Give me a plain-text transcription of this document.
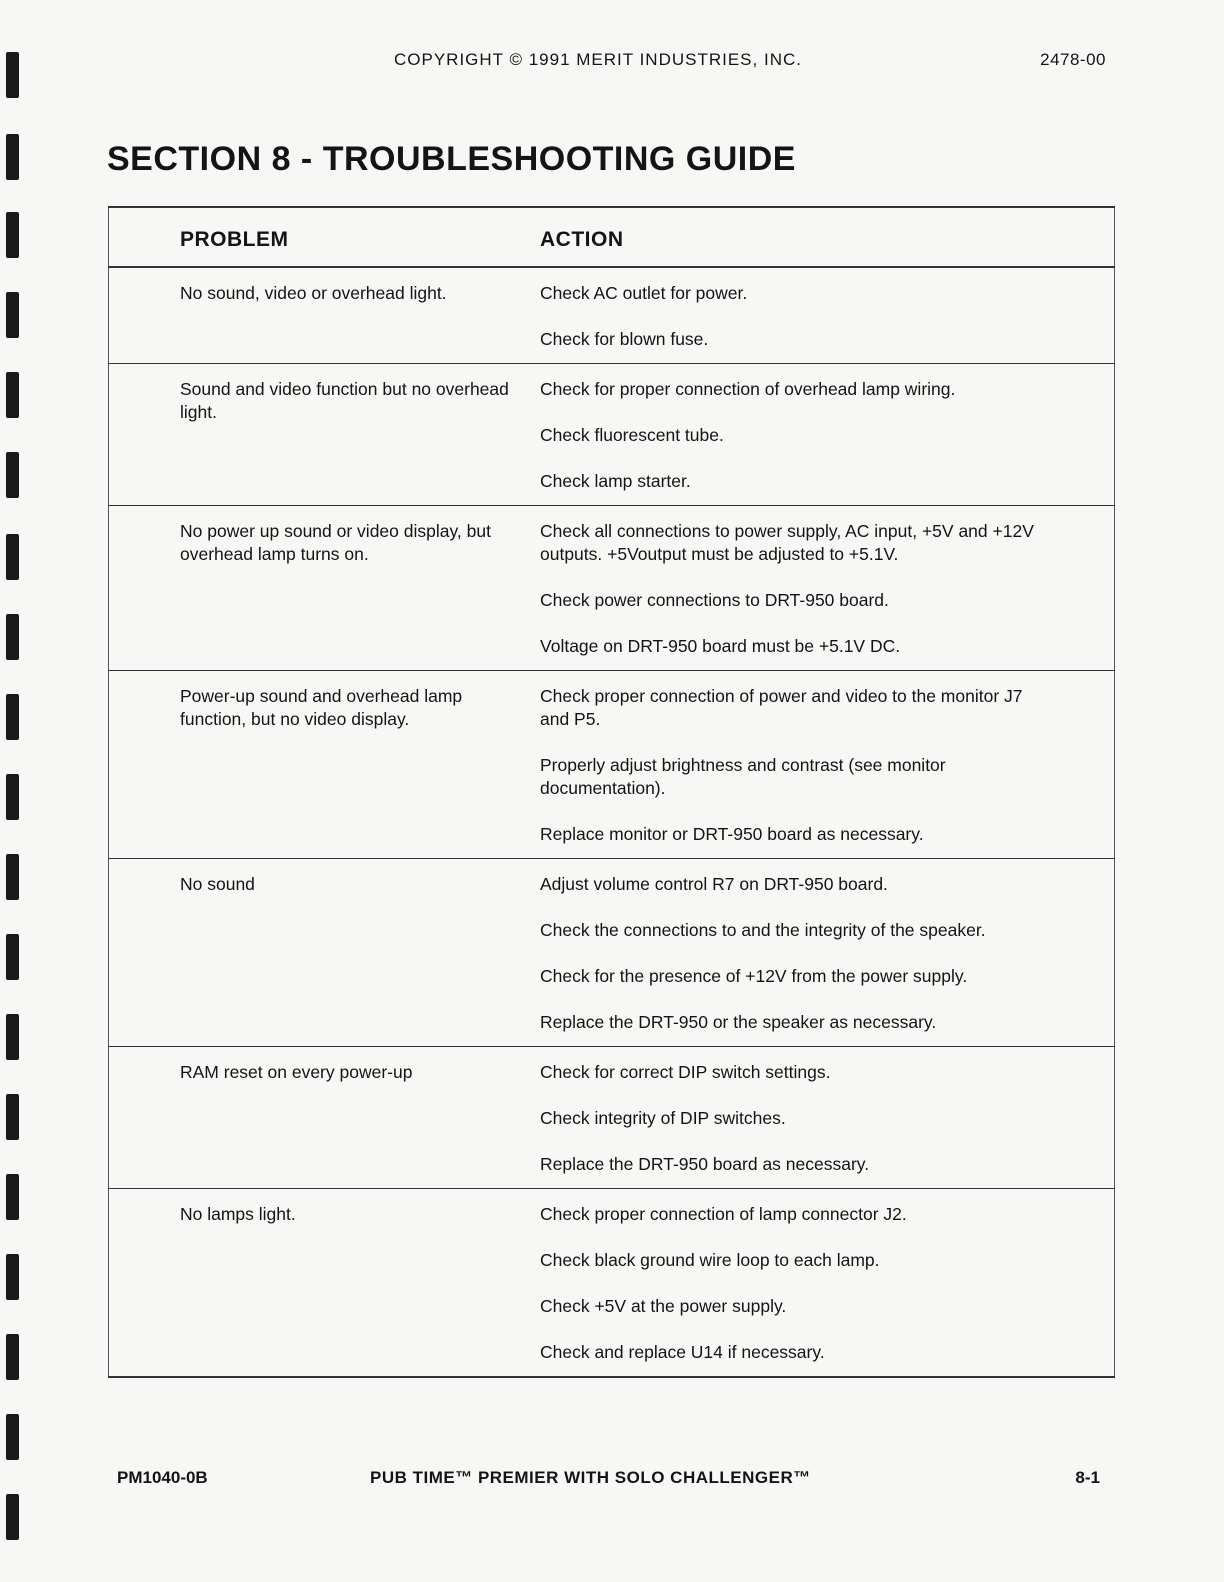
COPYRIGHT © 1991 MERIT INDUSTRIES, INC.	2478-00
SECTION 8 - TROUBLESHOOTING GUIDE
PROBLEM	ACTION
No sound, video or overhead light.	Check AC outlet for power.

Check for blown fuse.

Sound and video function but no overhead light.	Check for proper connection of overhead lamp wiring.

Check fluorescent tube.

Check lamp starter.

No power up sound or video display, but overhead lamp turns on.	Check all connections to power supply, AC input, +5V and +12V outputs. +5Voutput must be adjusted to +5.1V.

Check power connections to DRT-950 board.

Voltage on DRT-950 board must be +5.1V DC.

Power-up sound and overhead lamp function, but no video display.	Check proper connection of power and video to the monitor J7 and P5.

Properly adjust brightness and contrast (see monitor documentation).

Replace monitor or DRT-950 board as necessary.

No sound	Adjust volume control R7 on DRT-950 board.

Check the connections to and the integrity of the speaker.

Check for the presence of +12V from the power supply.

Replace the DRT-950 or the speaker as necessary.

RAM reset on every power-up	Check for correct DIP switch settings.

Check integrity of DIP switches.

Replace the DRT-950 board as necessary.

No lamps light.	Check proper connection of lamp connector J2.

Check black ground wire loop to each lamp.

Check +5V at the power supply.

Check and replace U14 if necessary.

PM1040-0B	PUB TIME™ PREMIER WITH SOLO CHALLENGER™	8-1
